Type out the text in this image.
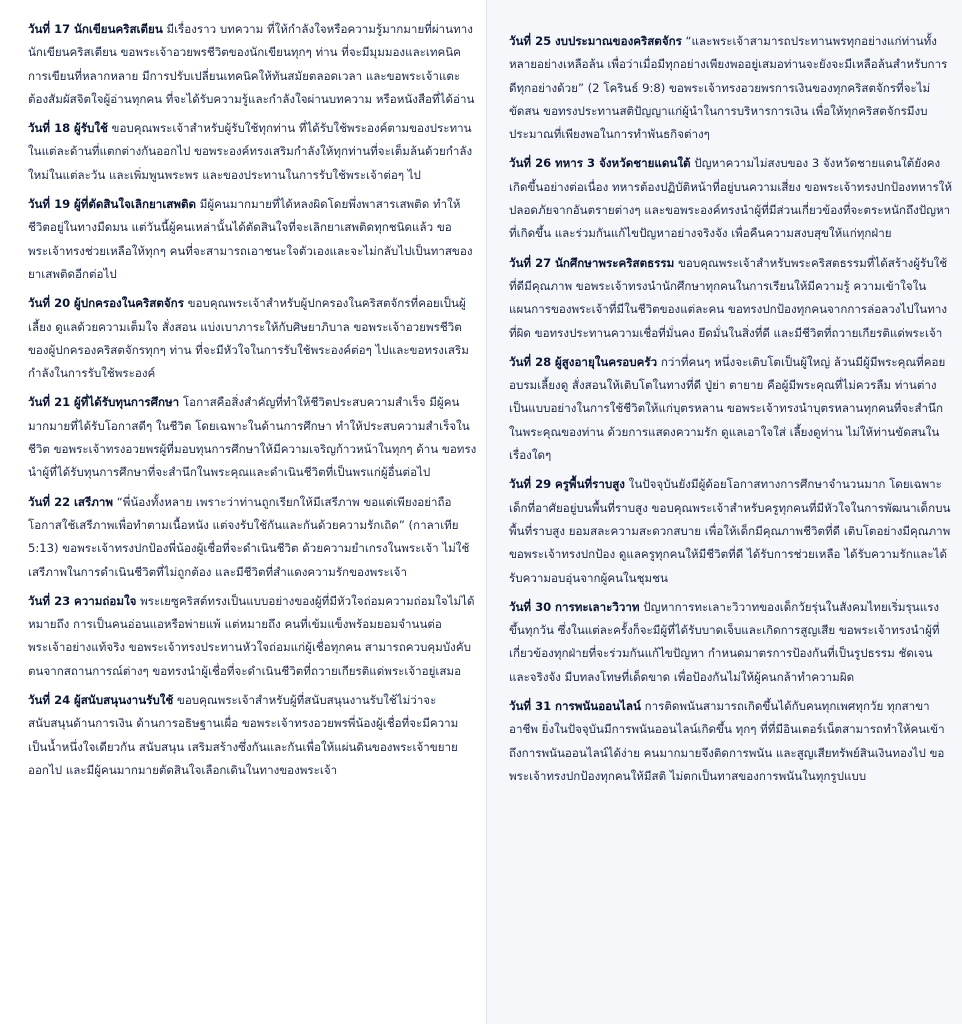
วันที่ 17 นักเขียนคริสเตียน มีเรื่องราว บทความ ที่ให้กำลังใจหรือความรู้มากมายที่ผ่านทางนักเขียนคริสเตียน ขอพระเจ้าอวยพรชีวิตของนักเขียนทุกๆ ท่าน ที่จะมีมุมมองและเทคนิคการเขียนที่หลากหลาย มีการปรับเปลี่ยนเทคนิคให้ทันสมัยตลอดเวลา และขอพระเจ้าแตะต้องสัมผัสจิตใจผู้อ่านทุกคน ที่จะได้รับความรู้และกำลังใจผ่านบทความ หรือหนังสือที่ได้อ่าน

วันที่ 18 ผู้รับใช้ ขอบคุณพระเจ้าสำหรับผู้รับใช้ทุกท่าน ที่ได้รับใช้พระองค์ตามของประทานในแต่ละด้านที่แตกต่างกันออกไป ขอพระองค์ทรงเสริมกำลังให้ทุกท่านที่จะเต็มล้นด้วยกำลังใหม่ในแต่ละวัน และเพิ่มพูนพระพร และของประทานในการรับใช้พระเจ้าต่อๆ ไป

วันที่ 19 ผู้ที่ตัดสินใจเลิกยาเสพติด มีผู้คนมากมายที่ได้หลงผิดโดยพึ่งพาสารเสพติด ทำให้ชีวิตอยู่ในทางมืดมน แต่วันนี้ผู้คนเหล่านั้นได้ตัดสินใจที่จะเลิกยาเสพติดทุกชนิดแล้ว ขอพระเจ้าทรงช่วยเหลือให้ทุกๆ คนที่จะสามารถเอาชนะใจตัวเองและจะไม่กลับไปเป็นทาสของยาเสพติดอีกต่อไป

วันที่ 20 ผู้ปกครองในคริสตจักร ขอบคุณพระเจ้าสำหรับผู้ปกครองในคริสตจักรที่คอยเป็นผู้เลี้ยง ดูแลด้วยความเต็มใจ สั่งสอน แบ่งเบาภาระให้กับศิษยาภิบาล ขอพระเจ้าอวยพรชีวิตของผู้ปกครองคริสตจักรทุกๆ ท่าน ที่จะมีหัวใจในการรับใช้พระองค์ต่อๆ ไปและขอทรงเสริมกำลังในการรับใช้พระองค์

วันที่ 21 ผู้ที่ได้รับทุนการศึกษา โอกาสคือสิ่งสำคัญที่ทำให้ชีวิตประสบความสำเร็จ มีผู้คนมากมายที่ได้รับโอกาสดีๆ ในชีวิต โดยเฉพาะในด้านการศึกษา ทำให้ประสบความสำเร็จในชีวิต ขอพระเจ้าทรงอวยพรผู้ที่มอบทุนการศึกษาให้มีความเจริญก้าวหน้าในทุกๆ ด้าน ขอทรงนำผู้ที่ได้รับทุนการศึกษาที่จะสำนึกในพระคุณและดำเนินชีวิตที่เป็นพรแก่ผู้อื่นต่อไป

วันที่ 22 เสรีภาพ “พี่น้องทั้งหลาย เพราะว่าท่านถูกเรียกให้มีเสรีภาพ ขอแต่เพียงอย่าถือโอกาสใช้เสรีภาพเพื่อทำตามเนื้อหนัง แต่จงรับใช้กันและกันด้วยความรักเถิด” (กาลาเทีย 5:13) ขอพระเจ้าทรงปกป้องพี่น้องผู้เชื่อที่จะดำเนินชีวิต ด้วยความยำเกรงในพระเจ้า ไม่ใช้เสรีภาพในการดำเนินชีวิตที่ไม่ถูกต้อง และมีชีวิตที่สำแดงความรักของพระเจ้า

วันที่ 23 ความถ่อมใจ พระเยซูคริสต์ทรงเป็นแบบอย่างของผู้ที่มีหัวใจถ่อมความถ่อมใจไม่ได้หมายถึง การเป็นคนอ่อนแอหรือพ่ายแพ้ แต่หมายถึง คนที่เข้มแข็งพร้อมยอมจำนนต่อพระเจ้าอย่างแท้จริง ขอพระเจ้าทรงประทานหัวใจถ่อมแก่ผู้เชื่อทุกคน สามารถควบคุมบังคับตนจากสถานการณ์ต่างๆ ขอทรงนำผู้เชื่อที่จะดำเนินชีวิตที่ถวายเกียรติแด่พระเจ้าอยู่เสมอ

วันที่ 24 ผู้สนับสนุนงานรับใช้ ขอบคุณพระเจ้าสำหรับผู้ที่สนับสนุนงานรับใช้ไม่ว่าจะสนับสนุนด้านการเงิน ด้านการอธิษฐานเผื่อ ขอพระเจ้าทรงอวยพรพี่น้องผู้เชื่อที่จะมีความเป็นน้ำหนึ่งใจเดียวกัน สนับสนุน เสริมสร้างซึ่งกันและกันเพื่อให้แผ่นดินของพระเจ้าขยายออกไป และมีผู้คนมากมายตัดสินใจเลือกเดินในทางของพระเจ้า

วันที่ 25 งบประมาณของคริสตจักร “และพระเจ้าสามารถประทานพรทุกอย่างแก่ท่านทั้งหลายอย่างเหลือล้น เพื่อว่าเมื่อมีทุกอย่างเพียงพออยู่เสมอท่านจะยังจะมีเหลือล้นสำหรับการดีทุกอย่างด้วย” (2 โครินธ์ 9:8) ขอพระเจ้าทรงอวยพรการเงินของทุกคริสตจักรที่จะไม่ขัดสน ขอทรงประทานสติปัญญาแก่ผู้นำในการบริหารการเงิน เพื่อให้ทุกคริสตจักรมีงบประมาณที่เพียงพอในการทำพันธกิจต่างๆ

วันที่ 26 ทหาร 3 จังหวัดชายแดนใต้ ปัญหาความไม่สงบของ 3 จังหวัดชายแดนใต้ยังคงเกิดขึ้นอย่างต่อเนื่อง ทหารต้องปฏิบัติหน้าที่อยู่บนความเสี่ยง ขอพระเจ้าทรงปกป้องทหารให้ปลอดภัยจากอันตรายต่างๆ และขอพระองค์ทรงนำผู้ที่มีส่วนเกี่ยวข้องที่จะตระหนักถึงปัญหาที่เกิดขึ้น และร่วมกันแก้ไขปัญหาอย่างจริงจัง เพื่อคืนความสงบสุขให้แก่ทุกฝ่าย

วันที่ 27 นักศึกษาพระคริสตธรรม ขอบคุณพระเจ้าสำหรับพระคริสตธรรมที่ได้สร้างผู้รับใช้ที่ดีมีคุณภาพ ขอพระเจ้าทรงนำนักศึกษาทุกคนในการเรียนให้มีความรู้ ความเข้าใจในแผนการของพระเจ้าที่มีในชีวิตของแต่ละคน ขอทรงปกป้องทุกคนจากการล่อลวงไปในทางที่ผิด ขอทรงประทานความเชื่อที่มั่นคง ยึดมั่นในสิ่งที่ดี และมีชีวิตที่ถวายเกียรติแด่พระเจ้า

วันที่ 28 ผู้สูงอายุในครอบครัว กว่าที่คนๆ หนึ่งจะเติบโตเป็นผู้ใหญ่ ล้วนมีผู้มีพระคุณที่คอยอบรมเลี้ยงดู สั่งสอนให้เติบโตในทางที่ดี ปู่ย่า ตายาย คือผู้มีพระคุณที่ไม่ควรลืม ท่านต่างเป็นแบบอย่างในการใช้ชีวิตให้แก่บุตรหลาน ขอพระเจ้าทรงนำบุตรหลานทุกคนที่จะสำนึกในพระคุณของท่าน ด้วยการแสดงความรัก ดูแลเอาใจใส่ เลี้ยงดูท่าน ไม่ให้ท่านขัดสนในเรื่องใดๆ

วันที่ 29 ครูพื้นที่ราบสูง ในปัจจุบันยังมีผู้ด้อยโอกาสทางการศึกษาจำนวนมาก โดยเฉพาะเด็กที่อาศัยอยู่บนพื้นที่ราบสูง ขอบคุณพระเจ้าสำหรับครูทุกคนที่มีหัวใจในการพัฒนาเด็กบนพื้นที่ราบสูง ยอมสละความสะดวกสบาย เพื่อให้เด็กมีคุณภาพชีวิตที่ดี เติบโตอย่างมีคุณภาพ ขอพระเจ้าทรงปกป้อง ดูแลครูทุกคนให้มีชีวิตที่ดี ได้รับการช่วยเหลือ ได้รับความรักและได้รับความอบอุ่นจากผู้คนในชุมชน

วันที่ 30 การทะเลาะวิวาท ปัญหาการทะเลาะวิวาทของเด็กวัยรุ่นในสังคมไทยเริ่มรุนแรงขึ้นทุกวัน ซึ่งในแต่ละครั้งก็จะมีผู้ที่ได้รับบาดเจ็บและเกิดการสูญเสีย ขอพระเจ้าทรงนำผู้ที่เกี่ยวข้องทุกฝ่ายที่จะร่วมกันแก้ไขปัญหา กำหนดมาตรการป้องกันที่เป็นรูปธรรม ชัดเจนและจริงจัง มีบทลงโทษที่เด็ดขาด เพื่อป้องกันไม่ให้ผู้คนกล้าทำความผิด

วันที่ 31 การพนันออนไลน์ การติดพนันสามารถเกิดขึ้นได้กับคนทุกเพศทุกวัย ทุกสาขาอาชีพ ยิ่งในปัจจุบันมีการพนันออนไลน์เกิดขึ้น ทุกๆ ที่ที่มีอินเตอร์เน็ตสามารถทำให้คนเข้าถึงการพนันออนไลน์ได้ง่าย คนมากมายจึงติดการพนัน และสูญเสียทรัพย์สินเงินทองไป ขอพระเจ้าทรงปกป้องทุกคนให้มีสติ ไม่ตกเป็นทาสของการพนันในทุกรูปแบบ
